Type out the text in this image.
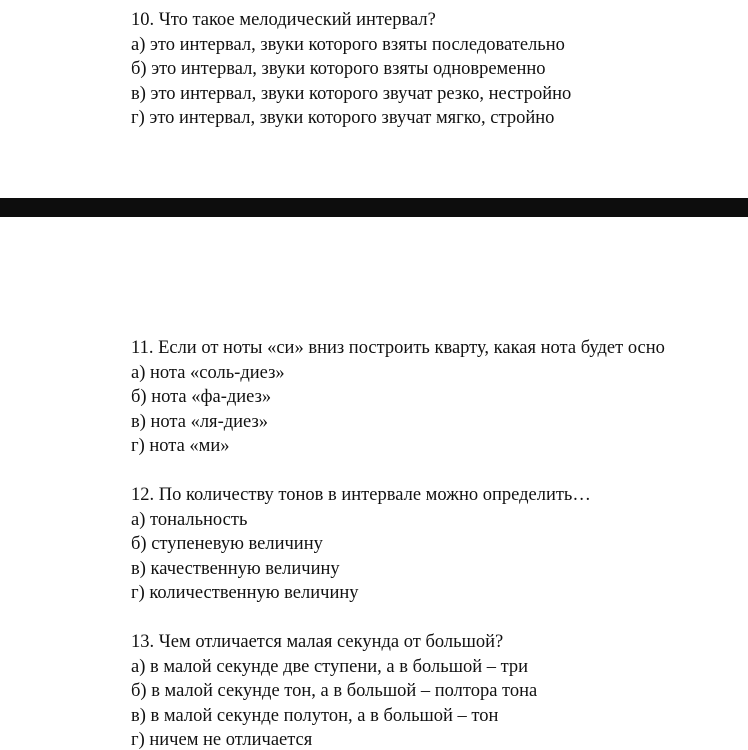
10. Что такое мелодический интервал?
а) это интервал, звуки которого взяты последовательно
б) это интервал, звуки которого взяты одновременно
в) это интервал, звуки которого звучат резко, нестройно
г) это интервал, звуки которого звучат мягко, стройно
11. Если от ноты «си» вниз построить кварту, какая нота будет осно
а) нота «соль-диез»
б) нота «фа-диез»
в) нота «ля-диез»
г) нота «ми»
12. По количеству тонов в интервале можно определить…
а) тональность
б) ступеневую величину
в) качественную величину
г) количественную величину
13. Чем отличается малая секунда от большой?
а) в малой секунде две ступени, а в большой – три
б) в малой секунде тон, а в большой – полтора тона
в) в малой секунде полутон, а в большой – тон
г) ничем не отличается
